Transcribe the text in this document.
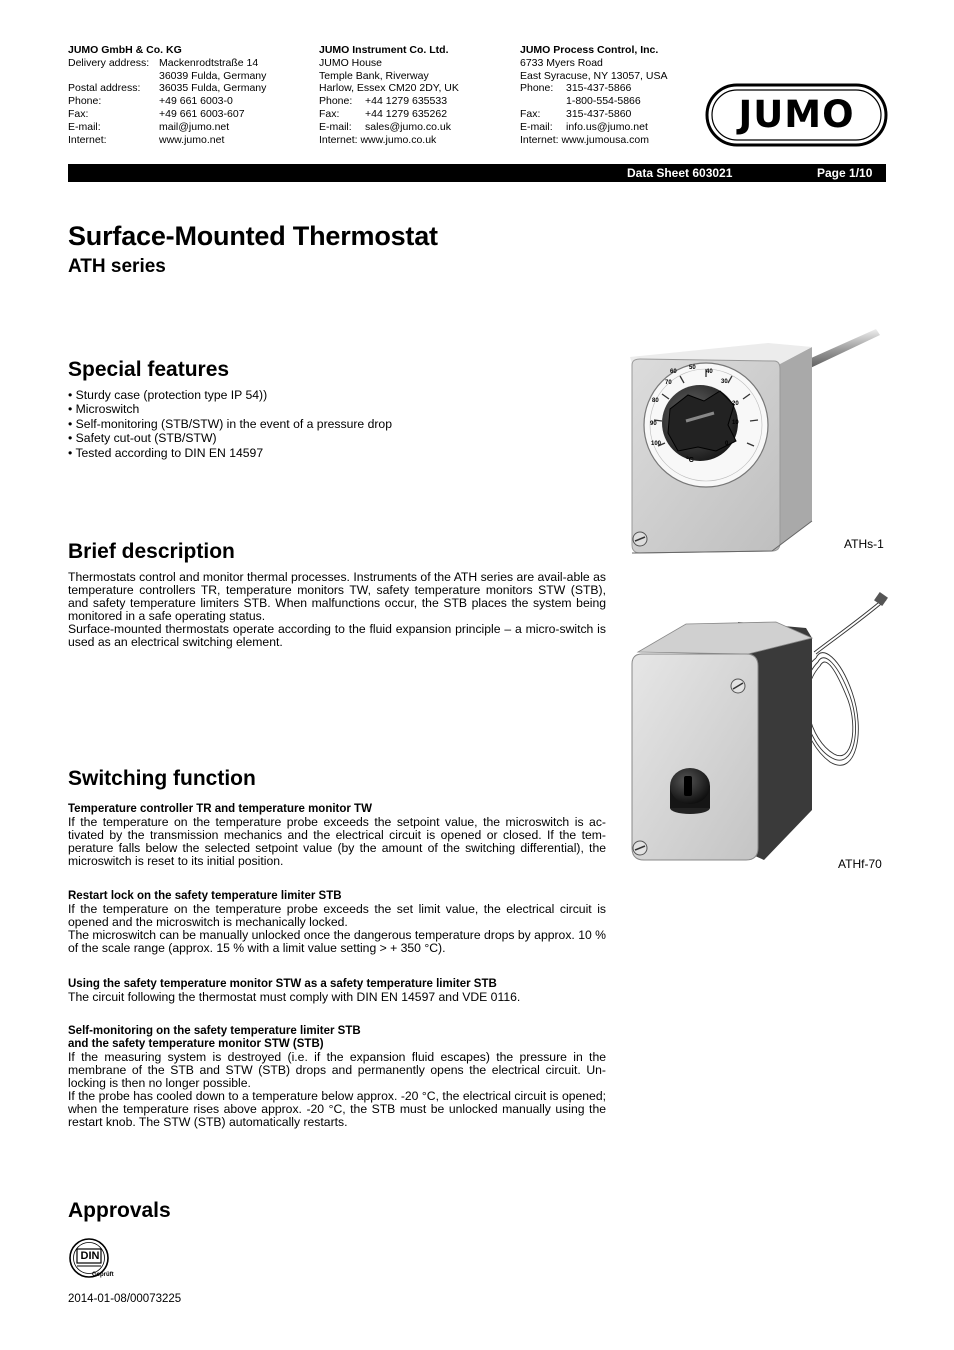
JUMO GmbH & Co. KG
Delivery address: Mackenrodtstraße 14
36039 Fulda, Germany
Postal address:	36035 Fulda, Germany
Phone:	+49 661 6003-0
Fax:	+49 661 6003-607
E-mail:	mail@jumo.net
Internet:	www.jumo.net
JUMO Instrument Co. Ltd.
JUMO House
Temple Bank, Riverway
Harlow, Essex CM20 2DY, UK
Phone:	+44 1279 635533
Fax:	+44 1279 635262
E-mail:	sales@jumo.co.uk
Internet:
www.jumo.co.uk
JUMO Process Control, Inc.
6733 Myers Road
East Syracuse, NY 13057, USA
Phone:	315-437-5866
1-800-554-5866
Fax:	315-437-5860
E-mail:	info.us@jumo.net
Internet:
www.jumousa.com
JUMO
Data Sheet 603021	Page 1/10
Surface-Mounted Thermostat
ATH series
Special features
• Sturdy case (protection type IP 54))
• Microswitch
• Self-monitoring (STB/STW) in the event of a pressure drop
• Safety cut-out (STB/STW)
• Tested according to DIN EN 14597
Brief description

Thermostats control and monitor thermal processes. Instruments of the ATH series are avail-able as temperature controllers TR, temperature monitors TW, safety temperature monitors STW (STB), and safety temperature limiters STB. When malfunctions occur, the STB places the system being monitored in a safe operating status.

Surface-mounted thermostats operate according to the fluid expansion principle – a micro-switch is used as an electrical switching element.

Switching function
Temperature controller TR and temperature monitor TW

If the temperature on the temperature probe exceeds the setpoint value, the microswitch is ac-tivated by the transmission mechanics and the electrical circuit is opened or closed. If the tem-perature falls below the selected setpoint value (by the amount of the switching differential), the microswitch is reset to its initial position.

Restart lock on the safety temperature limiter STB

If the temperature on the temperature probe exceeds the set limit value, the electrical circuit is opened and the microswitch is mechanically locked.

The microswitch can be manually unlocked once the dangerous temperature drops by approx. 10 % of the scale range (approx. 15 % with a limit value setting > + 350 °C).

Using the safety temperature monitor STW as a safety temperature limiter STB

The circuit following the thermostat must comply with DIN EN 14597 and VDE 0116.

Self-monitoring on the safety temperature limiter STB
and the safety temperature monitor STW (STB)

If the measuring system is destroyed (i.e. if the expansion fluid escapes) the pressure in the membrane of the STB and STW (STB) drops and permanently opens the electrical circuit. Un-locking is then no longer possible.

If the probe has cooled down to a temperature below approx. -20 °C, the electrical circuit is opened; when the temperature rises above approx. -20 °C, the STB must be unlocked manually using the restart knob. The STW (STB) automatically restarts.

Approvals
DIN
Geprüft
2014-01-08/00073225
70
60
50
40
30
20
10
0
80
90
100
°C
ATHs-1
ATHf-70
